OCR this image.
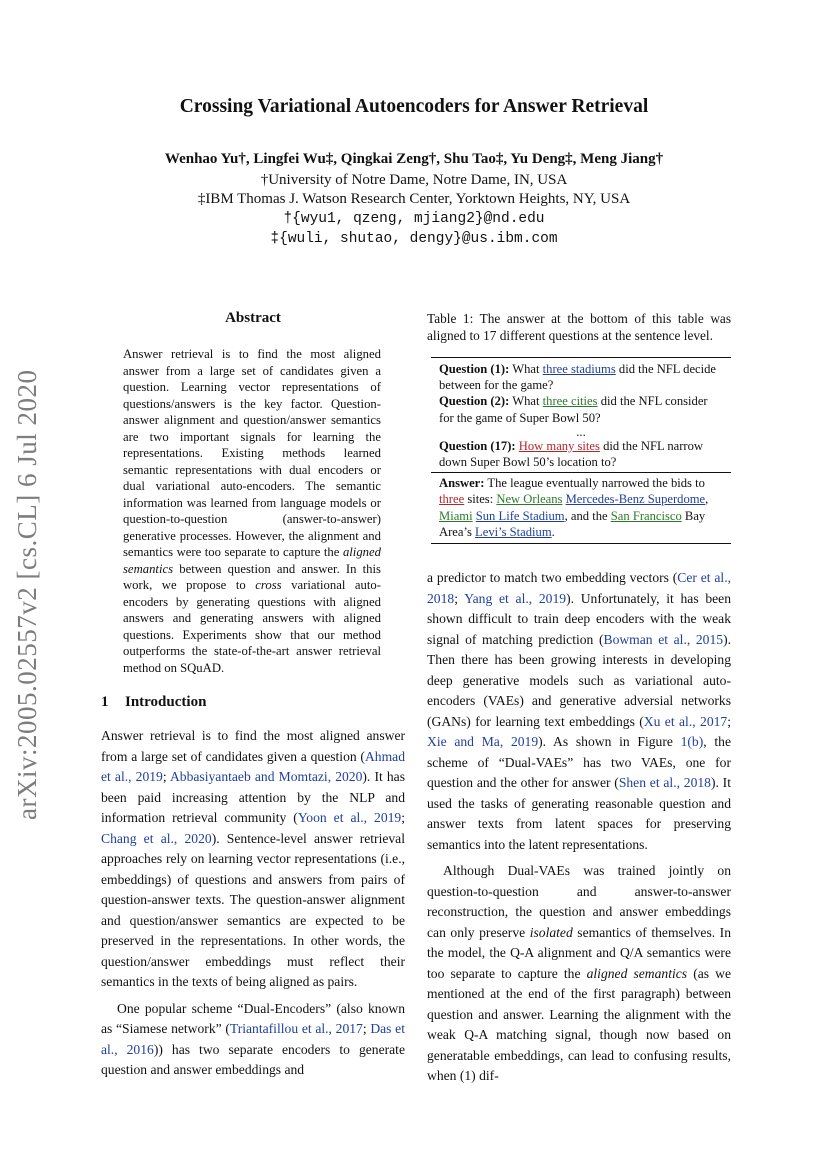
arXiv:2005.02557v2 [cs.CL] 6 Jul 2020
Crossing Variational Autoencoders for Answer Retrieval
Wenhao Yu†, Lingfei Wu‡, Qingkai Zeng†, Shu Tao‡, Yu Deng‡, Meng Jiang†
†University of Notre Dame, Notre Dame, IN, USA
‡IBM Thomas J. Watson Research Center, Yorktown Heights, NY, USA
†{wyu1, qzeng, mjiang2}@nd.edu
‡{wuli, shutao, dengy}@us.ibm.com
Abstract
Answer retrieval is to find the most aligned answer from a large set of candidates given a question. Learning vector representations of questions/answers is the key factor. Question-answer alignment and question/answer semantics are two important signals for learning the representations. Existing methods learned semantic representations with dual encoders or dual variational auto-encoders. The semantic information was learned from language models or question-to-question (answer-to-answer) generative processes. However, the alignment and semantics were too separate to capture the aligned semantics between question and answer. In this work, we propose to cross variational auto-encoders by generating questions with aligned answers and generating answers with aligned questions. Experiments show that our method outperforms the state-of-the-art answer retrieval method on SQuAD.
1 Introduction

Answer retrieval is to find the most aligned answer from a large set of candidates given a question (Ahmad et al., 2019; Abbasiyantaeb and Momtazi, 2020). It has been paid increasing attention by the NLP and information retrieval community (Yoon et al., 2019; Chang et al., 2020). Sentence-level answer retrieval approaches rely on learning vector representations (i.e., embeddings) of questions and answers from pairs of question-answer texts. The question-answer alignment and question/answer semantics are expected to be preserved in the representations. In other words, the question/answer embeddings must reflect their semantics in the texts of being aligned as pairs.

One popular scheme “Dual-Encoders” (also known as “Siamese network” (Triantafillou et al., 2017; Das et al., 2016)) has two separate encoders to generate question and answer embeddings and

Table 1: The answer at the bottom of this table was aligned to 17 different questions at the sentence level.
Question (1): What three stadiums did the NFL decide between for the game?
Question (2): What three cities did the NFL consider for the game of Super Bowl 50?
...
Question (17): How many sites did the NFL narrow down Super Bowl 50’s location to?
Answer: The league eventually narrowed the bids to three sites: New Orleans Mercedes-Benz Superdome, Miami Sun Life Stadium, and the San Francisco Bay Area’s Levi’s Stadium.

a predictor to match two embedding vectors (Cer et al., 2018; Yang et al., 2019). Unfortunately, it has been shown difficult to train deep encoders with the weak signal of matching prediction (Bowman et al., 2015). Then there has been growing interests in developing deep generative models such as variational auto-encoders (VAEs) and generative adversial networks (GANs) for learning text embeddings (Xu et al., 2017; Xie and Ma, 2019). As shown in Figure 1(b), the scheme of “Dual-VAEs” has two VAEs, one for question and the other for answer (Shen et al., 2018). It used the tasks of generating reasonable question and answer texts from latent spaces for preserving semantics into the latent representations.

Although Dual-VAEs was trained jointly on question-to-question and answer-to-answer reconstruction, the question and answer embeddings can only preserve isolated semantics of themselves. In the model, the Q-A alignment and Q/A semantics were too separate to capture the aligned semantics (as we mentioned at the end of the first paragraph) between question and answer. Learning the alignment with the weak Q-A matching signal, though now based on generatable embeddings, can lead to confusing results, when (1) dif-
